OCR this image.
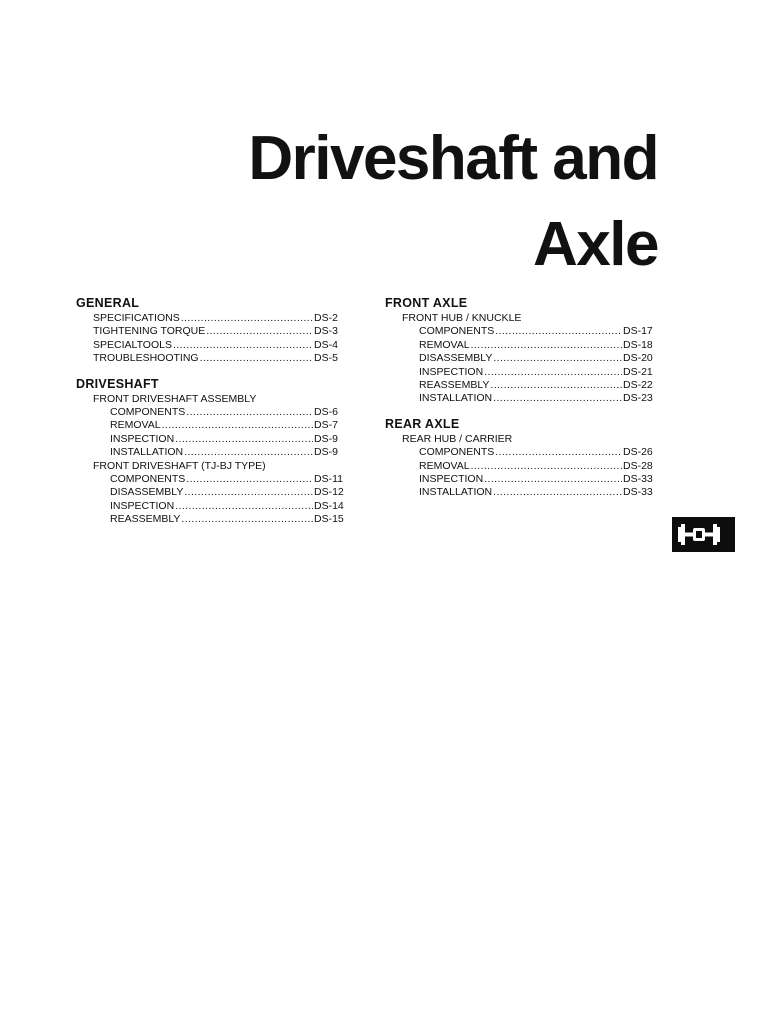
Driveshaft and
Axle
GENERAL
SPECIFICATIONS .....	DS-2
TIGHTENING TORQUE .....	DS-3
SPECIALTOOLS .....	DS-4
TROUBLESHOOTING .....	DS-5
DRIVESHAFT
FRONT DRIVESHAFT ASSEMBLY
COMPONENTS .....	DS-6
REMOVAL .....	DS-7
INSPECTION .....	DS-9
INSTALLATION .....	DS-9
FRONT DRIVESHAFT (TJ-BJ TYPE)
COMPONENTS .....	DS-11
DISASSEMBLY .....	DS-12
INSPECTION .....	DS-14
REASSEMBLY .....	DS-15
FRONT AXLE
FRONT HUB / KNUCKLE
COMPONENTS .....	DS-17
REMOVAL .....	DS-18
DISASSEMBLY .....	DS-20
INSPECTION .....	DS-21
REASSEMBLY .....	DS-22
INSTALLATION .....	DS-23
REAR AXLE
REAR HUB / CARRIER
COMPONENTS .....	DS-26
REMOVAL .....	DS-28
INSPECTION .....	DS-33
INSTALLATION .....	DS-33
